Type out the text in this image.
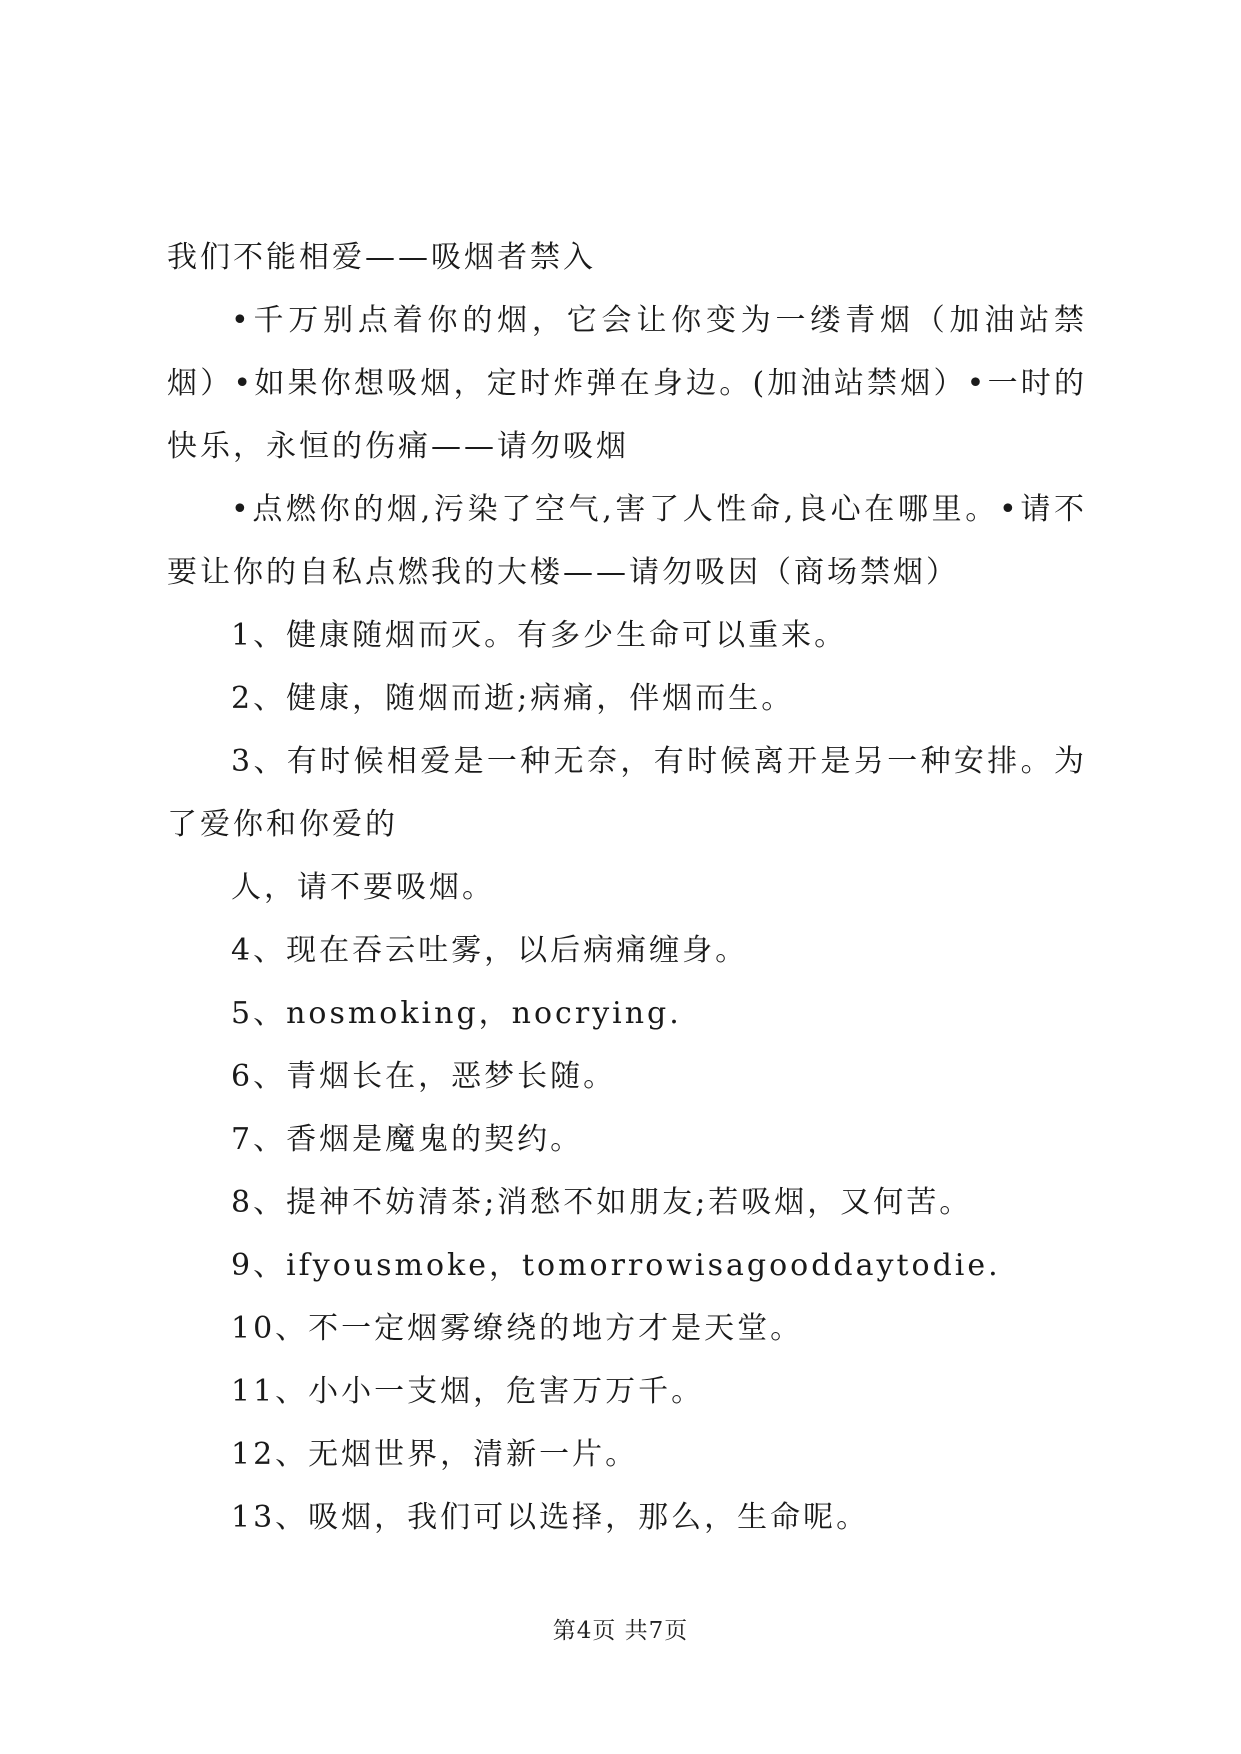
我们不能相爱——吸烟者禁入

•千万别点着你的烟，它会让你变为一缕青烟（加油站禁烟）•如果你想吸烟，定时炸弹在身边。(加油站禁烟）•一时的快乐，永恒的伤痛——请勿吸烟

•点燃你的烟,污染了空气,害了人性命,良心在哪里。•请不要让你的自私点燃我的大楼——请勿吸因（商场禁烟）

1、健康随烟而灭。有多少生命可以重来。

2、健康，随烟而逝;病痛，伴烟而生。

3、有时候相爱是一种无奈，有时候离开是另一种安排。为了爱你和你爱的

人，请不要吸烟。

4、现在吞云吐雾，以后病痛缠身。

5、nosmoking，nocrying.

6、青烟长在，恶梦长随。

7、香烟是魔鬼的契约。

8、提神不妨清茶;消愁不如朋友;若吸烟，又何苦。

9、ifyousmoke，tomorrowisagooddaytodie.

10、不一定烟雾缭绕的地方才是天堂。

11、小小一支烟，危害万万千。

12、无烟世界，清新一片。

13、吸烟，我们可以选择，那么，生命呢。

第4页 共7页
